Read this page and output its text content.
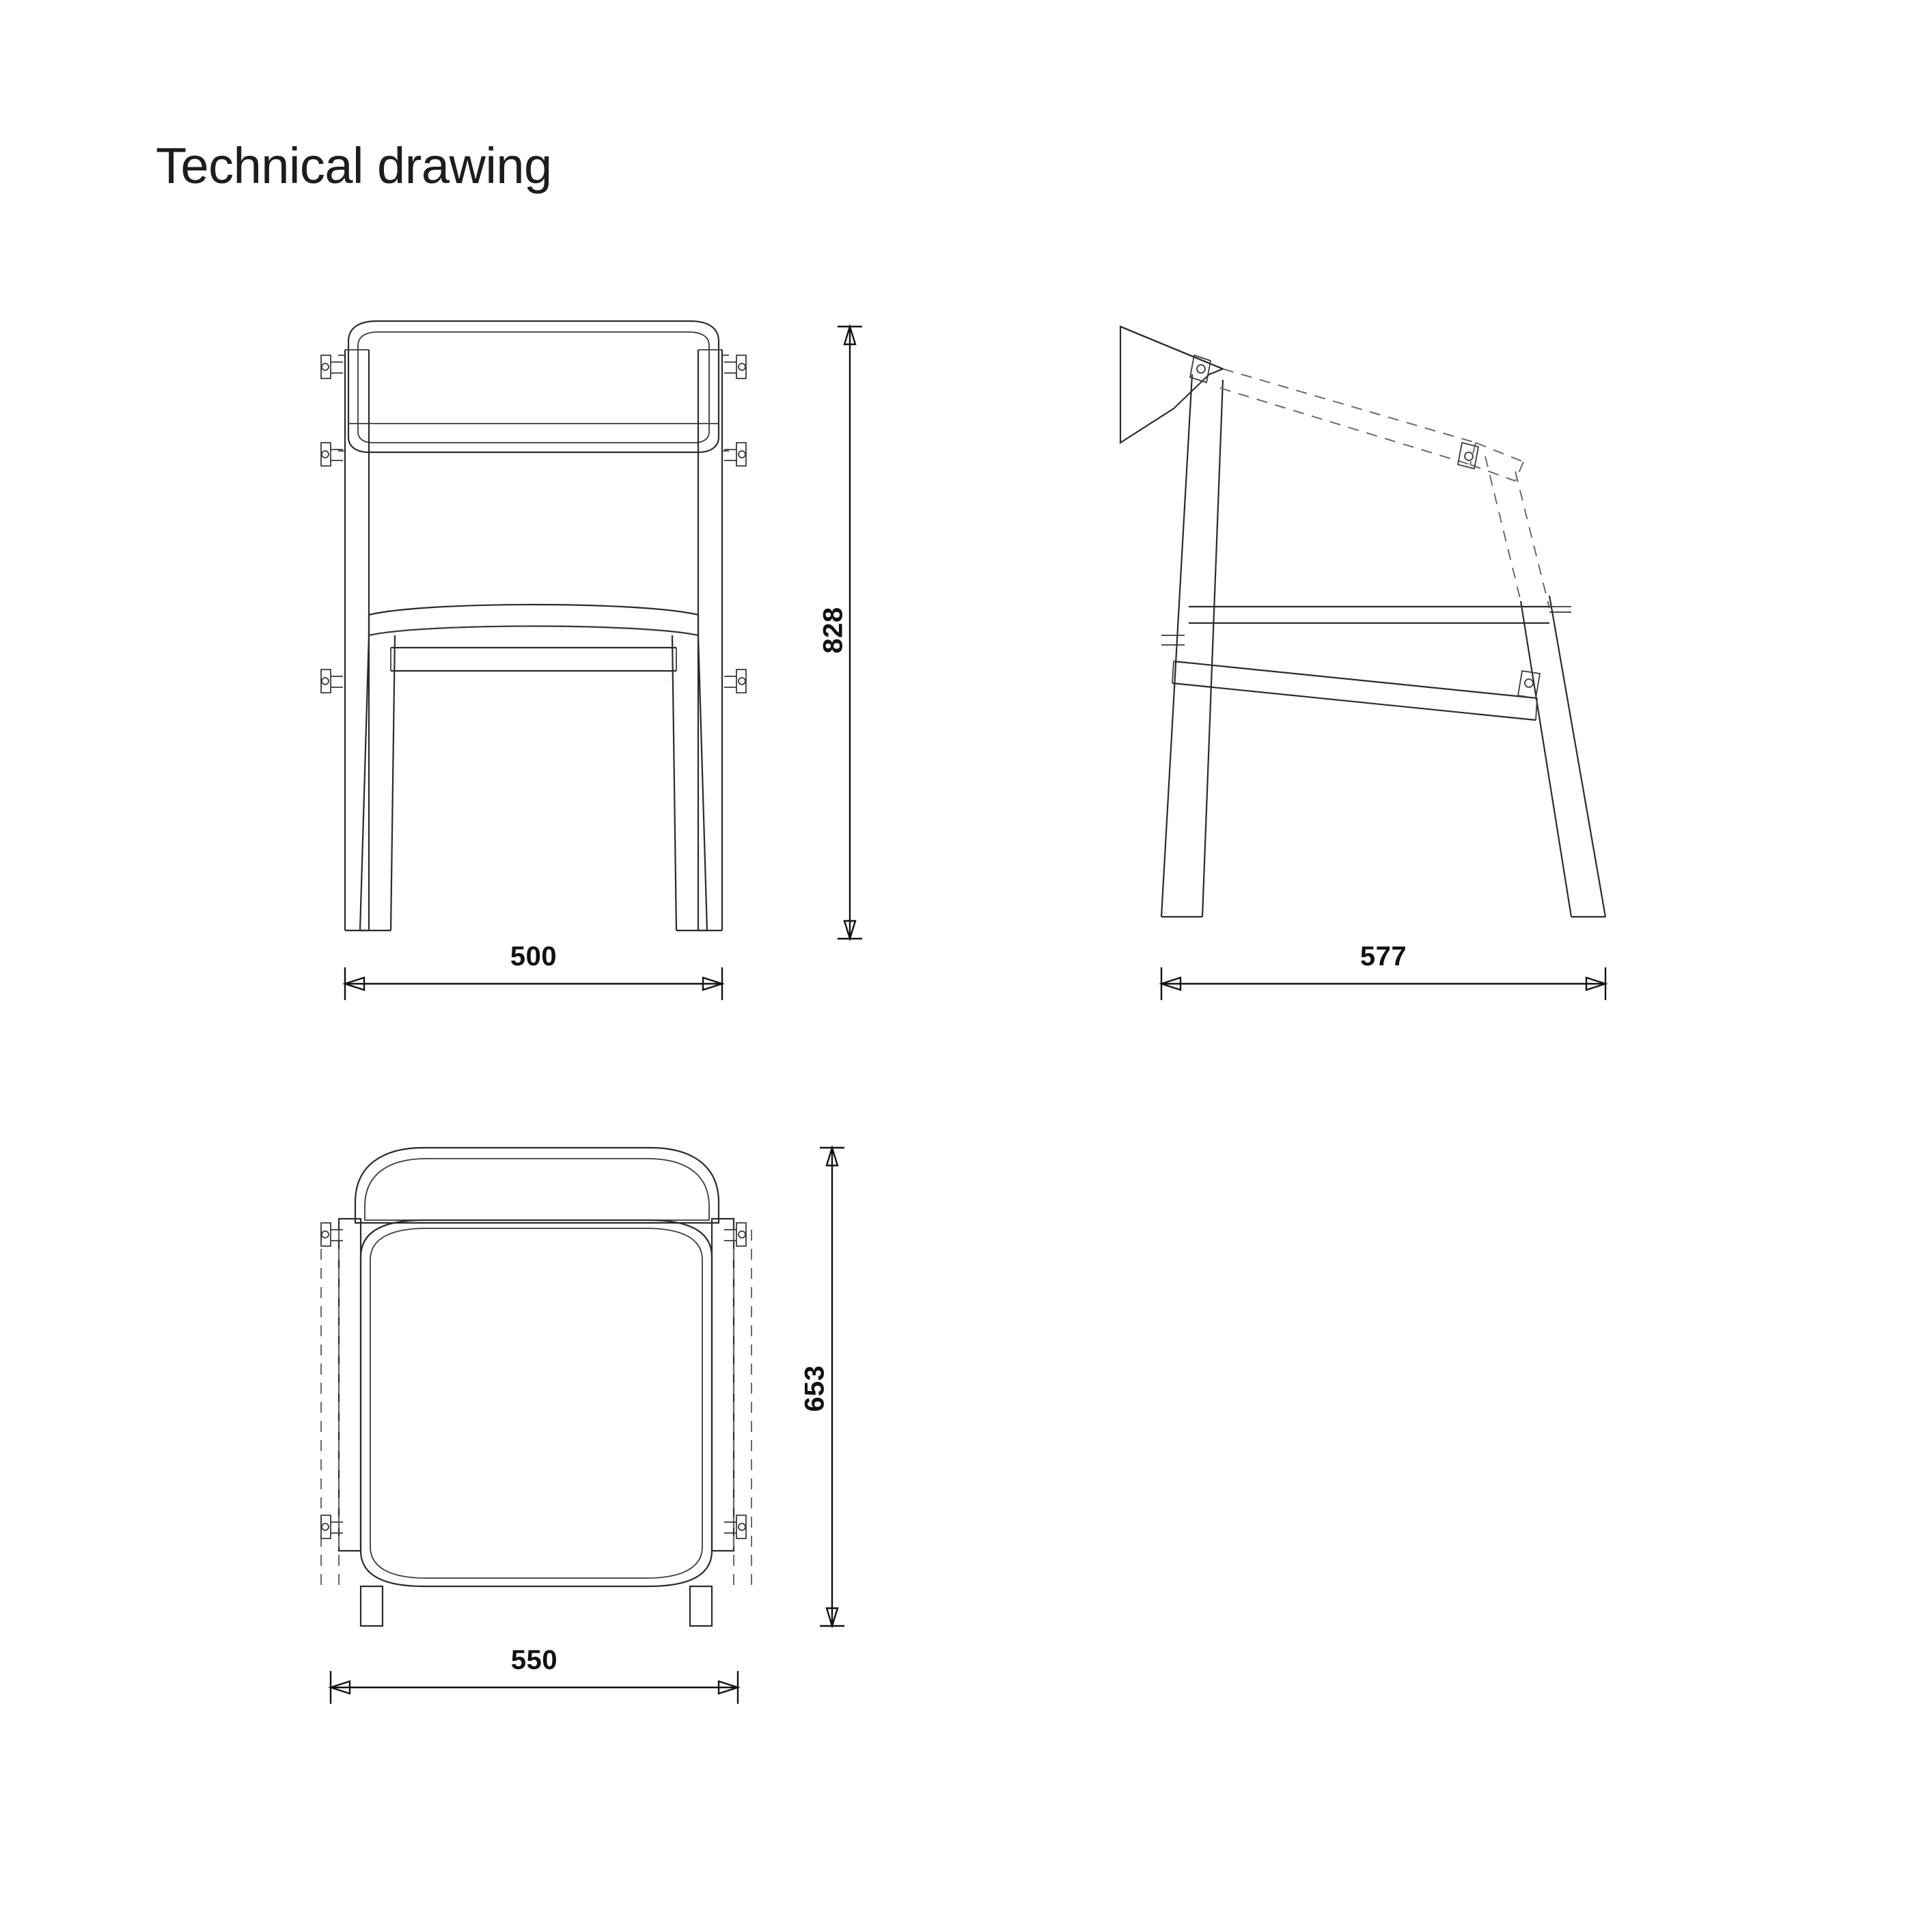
Technical drawing
828
500	577
653
550
